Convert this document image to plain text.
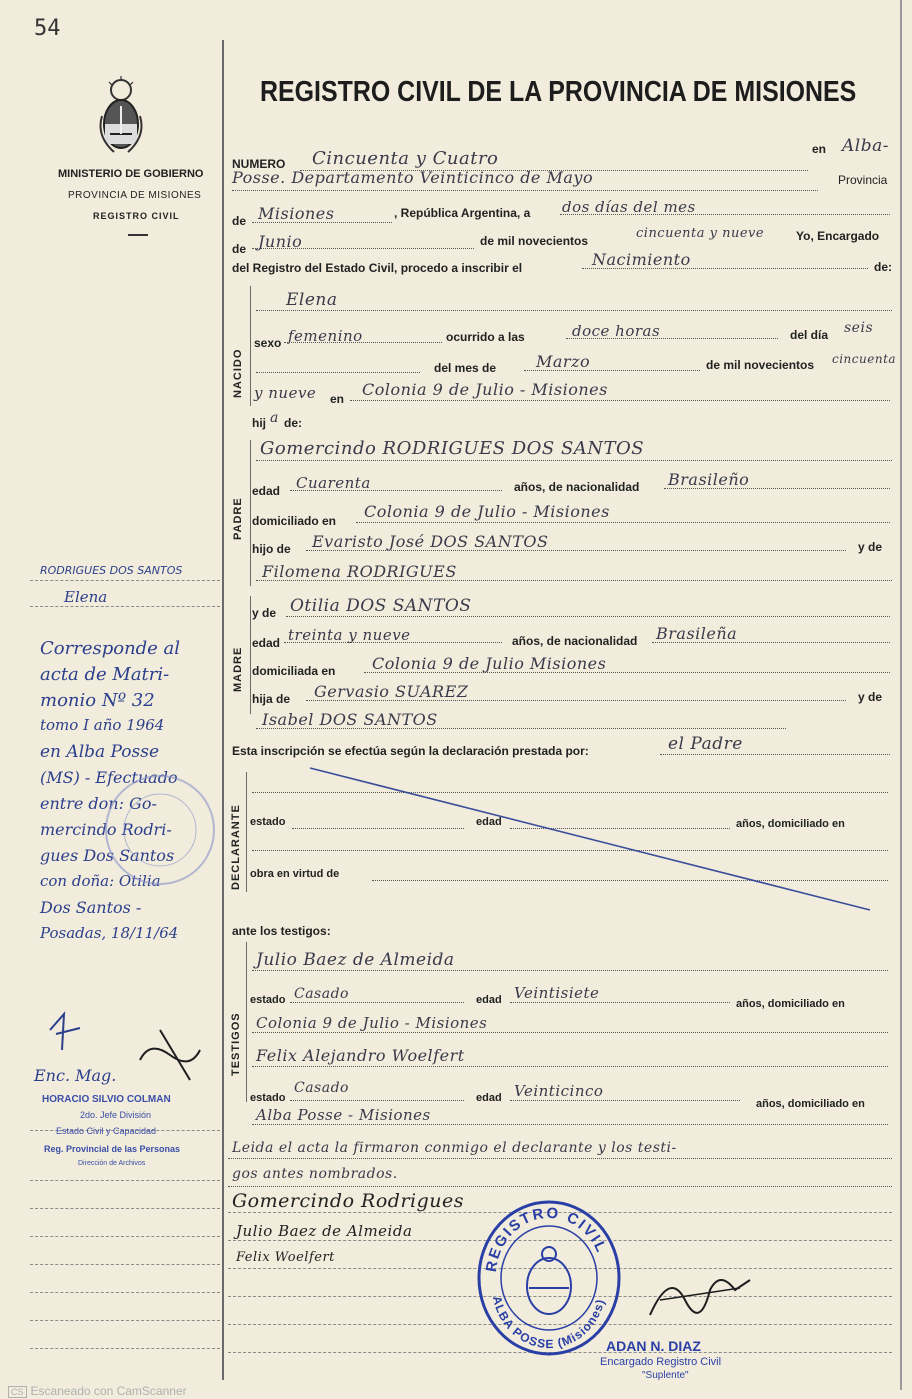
54
MINISTERIO DE GOBIERNO
PROVINCIA DE MISIONES
REGISTRO CIVIL
REGISTRO CIVIL DE LA PROVINCIA DE MISIONES
NUMERO Cincuenta y Cuatro	en Alba-
Posse. Departamento Veinticinco de Mayo	Provincia
de Misiones	, República Argentina, a dos días del mes
de Junio	de mil novecientos	cincuenta y nueve	Yo, Encargado
del Registro del Estado Civil, procedo a inscribir el	Nacimiento	de:
NACIDO
Elena
sexo femenino	ocurrido a las	doce horas	del día seis
del mes de Marzo	de mil novecientos cincuenta
y nueve en Colonia 9 de Julio - Misiones
hij a de:
PADRE
Gomercindo RODRIGUES DOS SANTOS
edad Cuarenta	años, de nacionalidad Brasileño
domiciliado en Colonia 9 de Julio - Misiones
hijo de Evaristo José DOS SANTOS	y de
Filomena RODRIGUES
MADRE
y de Otilia DOS SANTOS
edad treinta y nueve	años, de nacionalidad Brasileña
domiciliada en Colonia 9 de Julio Misiones
hija de Gervasio SUAREZ	y de
Isabel DOS SANTOS
Esta inscripción se efectúa según la declaración prestada por:	el Padre
DECLARANTE estado	edad	años, domiciliado en
obra en virtud de
ante los testigos:
TESTIGOS
Julio Baez de Almeida
estado Casado	edad Veintisiete
años, domiciliado en
Colonia 9 de Julio - Misiones
Felix Alejandro Woelfert
estado
Casado
edad Veinticinco
años, domiciliado en
Alba Posse - Misiones
Leida el acta la firmaron conmigo el declarante y los testi-
gos antes nombrados.
Gomercindo Rodrigues
Julio Baez de Almeida
Felix Woelfert
REGISTRO CIVIL
ALBA POSSE (Misiones)
ADAN N. DIAZ
Encargado Registro Civil
"Suplente"
RODRIGUES DOS SANTOS
Elena
Corresponde al
acta de Matri-
monio Nº 32
tomo I año 1964
en Alba Posse
(MS) - Efectuado
entre don: Go-
mercindo Rodri-
gues Dos Santos
con doña: Otilia
Dos Santos -
Posadas, 18/11/64
Enc. Mag.
HORACIO SILVIO COLMAN
2do. Jefe División
Estado Civil y Capacidad
Reg. Provincial de las Personas
Dirección de Archivos
CS Escaneado con CamScanner
